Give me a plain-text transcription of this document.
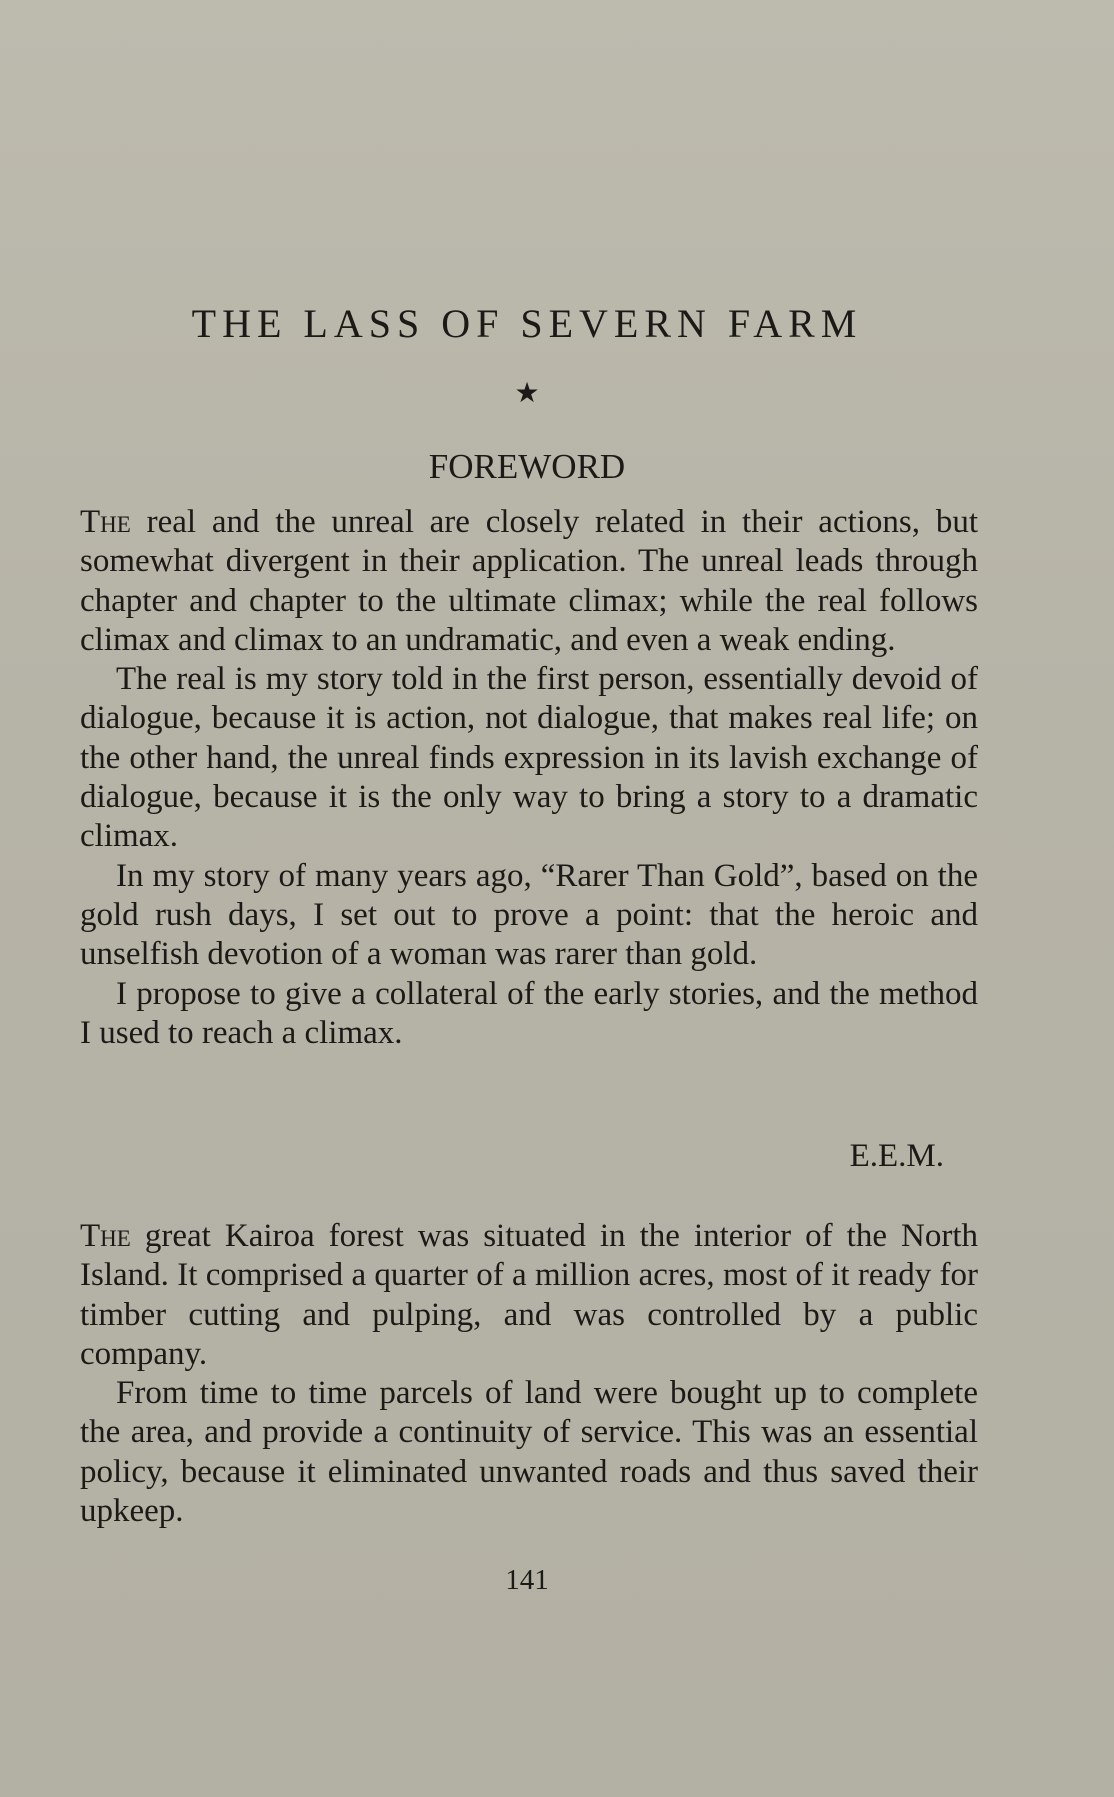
THE LASS OF SEVERN FARM
★
FOREWORD

The real and the unreal are closely related in their actions, but somewhat divergent in their application. The unreal leads through chapter and chapter to the ultimate climax; while the real follows climax and climax to an undramatic, and even a weak ending.

The real is my story told in the first person, essentially devoid of dialogue, because it is action, not dialogue, that makes real life; on the other hand, the unreal finds expression in its lavish exchange of dialogue, because it is the only way to bring a story to a dramatic climax.

In my story of many years ago, “Rarer Than Gold”, based on the gold rush days, I set out to prove a point: that the heroic and unselfish devotion of a woman was rarer than gold.

I propose to give a collateral of the early stories, and the method I used to reach a climax.

E.E.M.

The great Kairoa forest was situated in the interior of the North Island. It comprised a quarter of a million acres, most of it ready for timber cutting and pulping, and was controlled by a public company.

From time to time parcels of land were bought up to complete the area, and provide a continuity of service. This was an essential policy, because it eliminated unwanted roads and thus saved their upkeep.

141
